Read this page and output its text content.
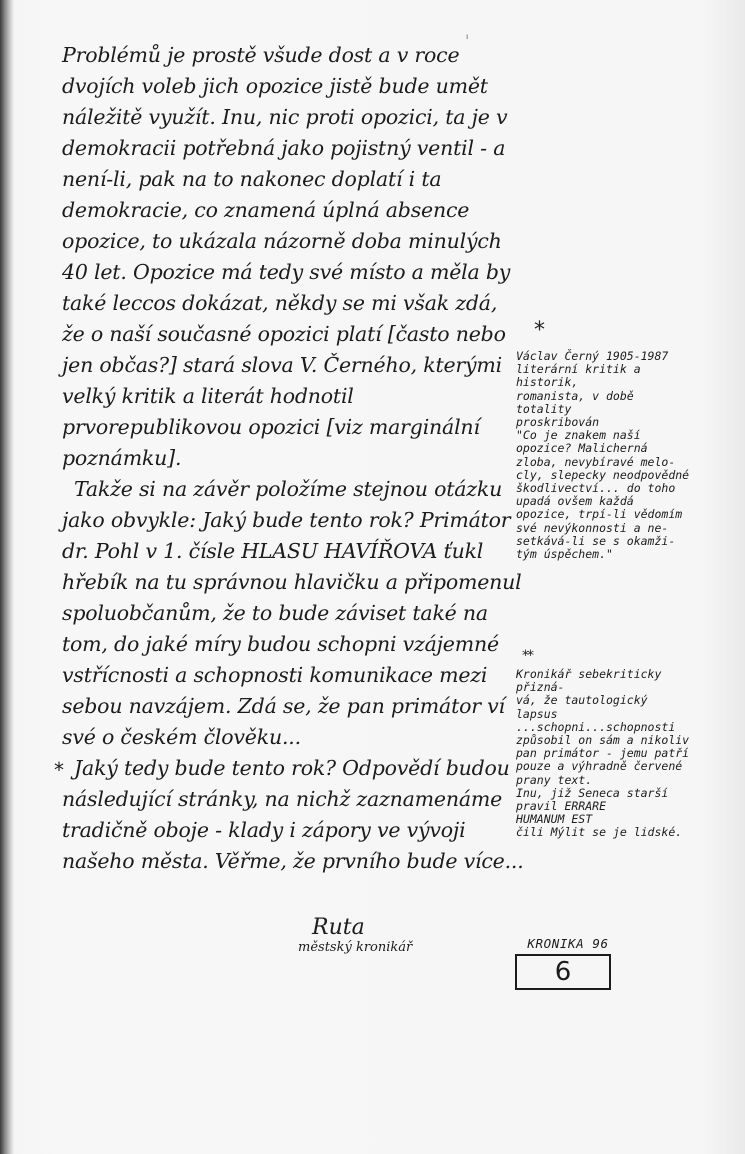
ı

Problémů je prostě všude dost a v roce dvojích voleb jich opozice jistě bude umět náležitě využít. Inu, nic proti opozici, ta je v demokracii potřebná jako pojistný ventil - a není-li, pak na to nakonec doplatí i ta demokracie, co znamená úplná absence opozice, to ukázala názorně doba minulých 40 let. Opozice má tedy své místo a měla by také leccos dokázat, někdy se mi však zdá, že o naší současné opozici platí [často nebo jen občas?] stará slova V. Černého, kterými velký kritik a literát hodnotil prvorepublikovou opozici [viz marginální poznámku].

Takže si na závěr položíme stejnou otázku jako obvykle: Jaký bude tento rok? Primátor dr. Pohl v 1. čísle HLASU HAVÍŘOVA ťukl hřebík na tu správnou hlavičku a připomenul spoluobčanům, že to bude záviset také na tom, do jaké míry budou schopni vzájemné vstřícnosti a schopnosti komunikace mezi sebou navzájem. Zdá se, že pan primátor ví své o českém člověku...

* Jaký tedy bude tento rok? Odpovědí budou následující stránky, na nichž zaznamenáme tradičně oboje - klady i zápory ve vývoji našeho města. Věřme, že prvního bude více...

Ruta
městský kronikář
*
Václav Černý 1905-1987
literární kritik a historik,
romanista, v době totality
proskribován
"Co je znakem naší
opozice? Malicherná
zloba, nevybíravé melo-
cly, slepecky neodpovědné
škodlivectví... do toho
upadá ovšem každá
opozice, trpí-li vědomím
své nevýkonnosti a ne-
setkává-li se s okamži-
tým úspěchem."
**
Kronikář sebekriticky přizná-
vá, že tautologický lapsus
...schopni...schopnosti
způsobil on sám a nikoliv
pan primátor - jemu patří
pouze a výhradně červené
prany text.
Inu, již Seneca starší
pravil ERRARE
HUMANUM EST
čili Mýlit se je lidské.
KRONIKA 96
6
